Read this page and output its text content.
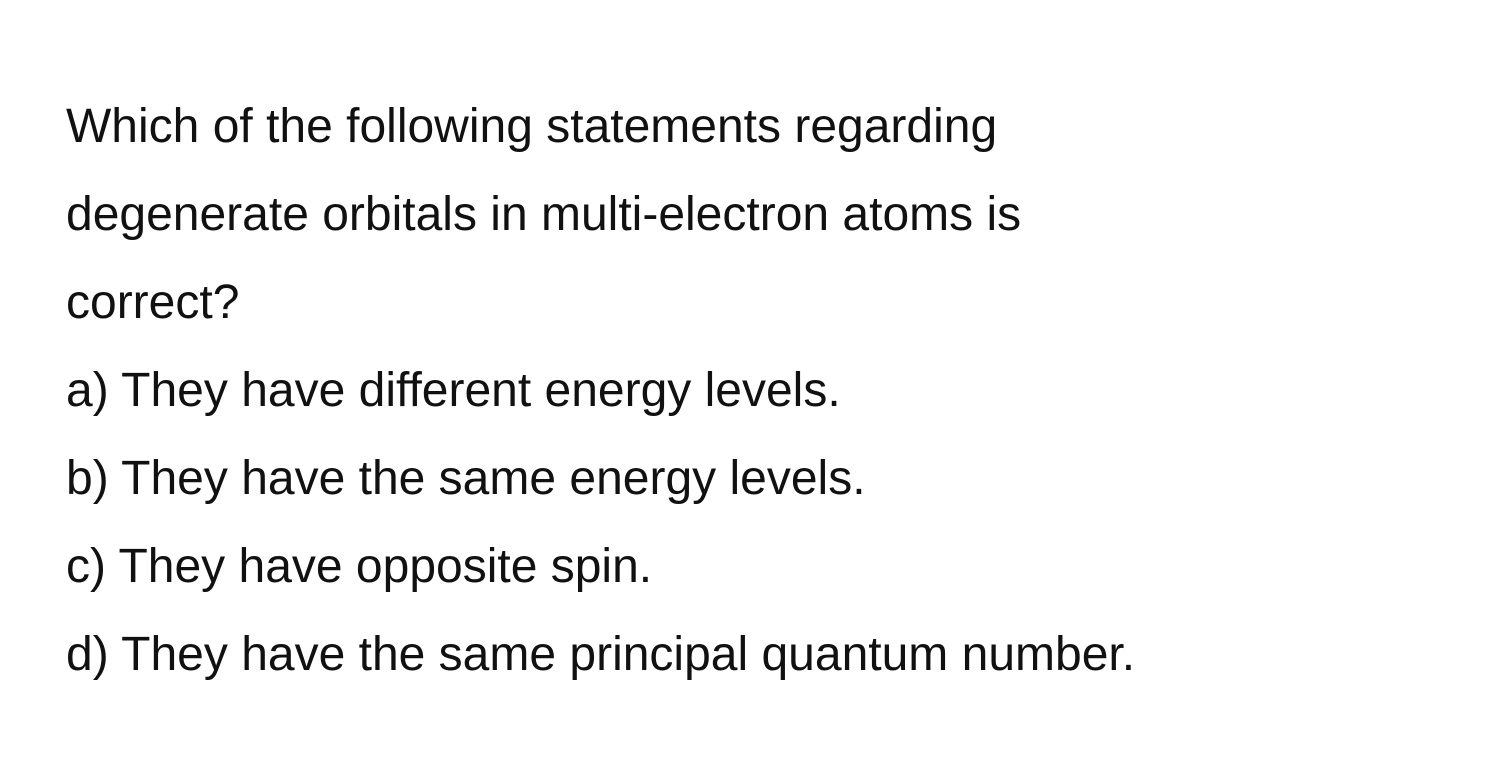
Which of the following statements regarding
degenerate orbitals in multi-electron atoms is
correct?
a) They have different energy levels.
b) They have the same energy levels.
c) They have opposite spin.
d) They have the same principal quantum number.
